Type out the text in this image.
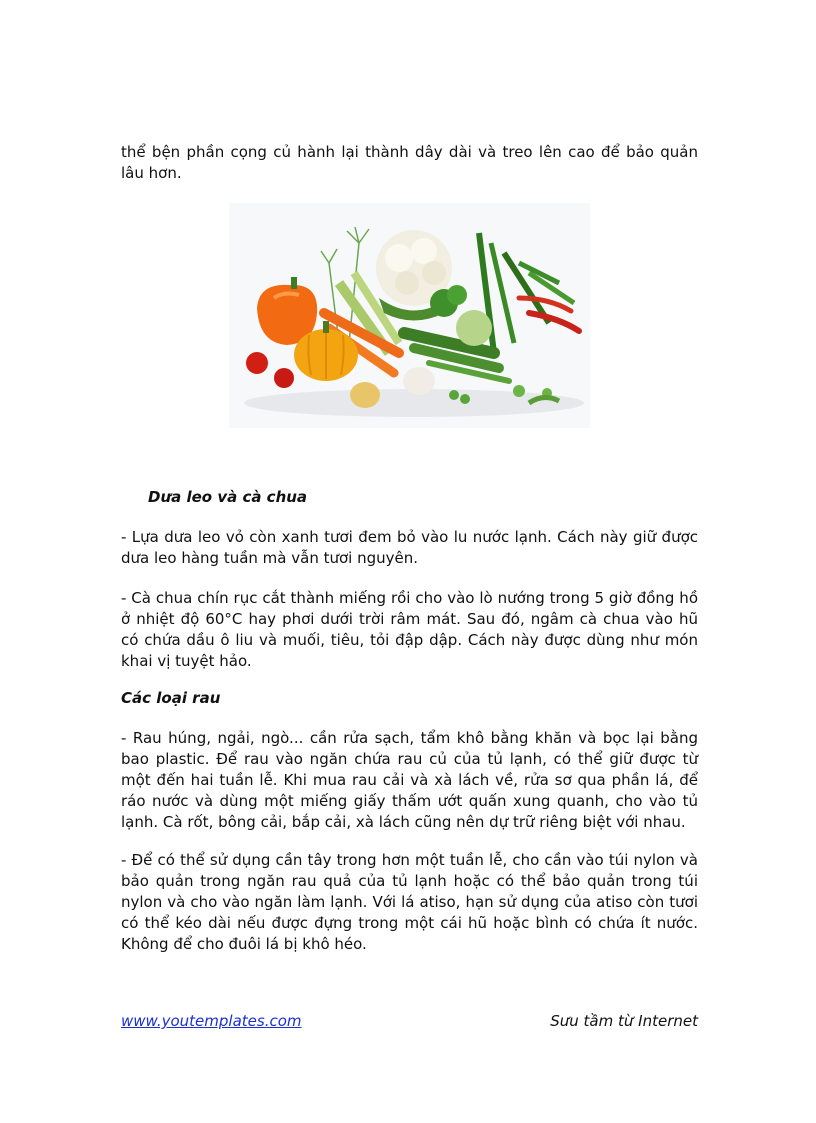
thể bện phần cọng củ hành lại thành dây dài và treo lên cao để bảo quản lâu hơn.

Dưa leo và cà chua

- Lựa dưa leo vỏ còn xanh tươi đem bỏ vào lu nước lạnh. Cách này giữ được dưa leo hàng tuần mà vẫn tươi nguyên.

- Cà chua chín rục cắt thành miếng rồi cho vào lò nướng trong 5 giờ đồng hồ ở nhiệt độ 60°C hay phơi dưới trời râm mát. Sau đó, ngâm cà chua vào hũ có chứa dầu ô liu và muối, tiêu, tỏi đập dập. Cách này được dùng như món khai vị tuyệt hảo.

Các loại rau

- Rau húng, ngải, ngò... cần rửa sạch, tẩm khô bằng khăn và bọc lại bằng bao plastic. Để rau vào ngăn chứa rau củ của tủ lạnh, có thể giữ được từ một đến hai tuần lễ. Khi mua rau cải và xà lách về, rửa sơ qua phần lá, để ráo nước và dùng một miếng giấy thấm ướt quấn xung quanh, cho vào tủ lạnh. Cà rốt, bông cải, bắp cải, xà lách cũng nên dự trữ riêng biệt với nhau.

- Để có thể sử dụng cần tây trong hơn một tuần lễ, cho cần vào túi nylon và bảo quản trong ngăn rau quả của tủ lạnh hoặc có thể bảo quản trong túi nylon và cho vào ngăn làm lạnh. Với lá atiso, hạn sử dụng của atiso còn tươi có thể kéo dài nếu được đựng trong một cái hũ hoặc bình có chứa ít nước. Không để cho đuôi lá bị khô héo.

www.youtemplates.com	Sưu tầm từ Internet
